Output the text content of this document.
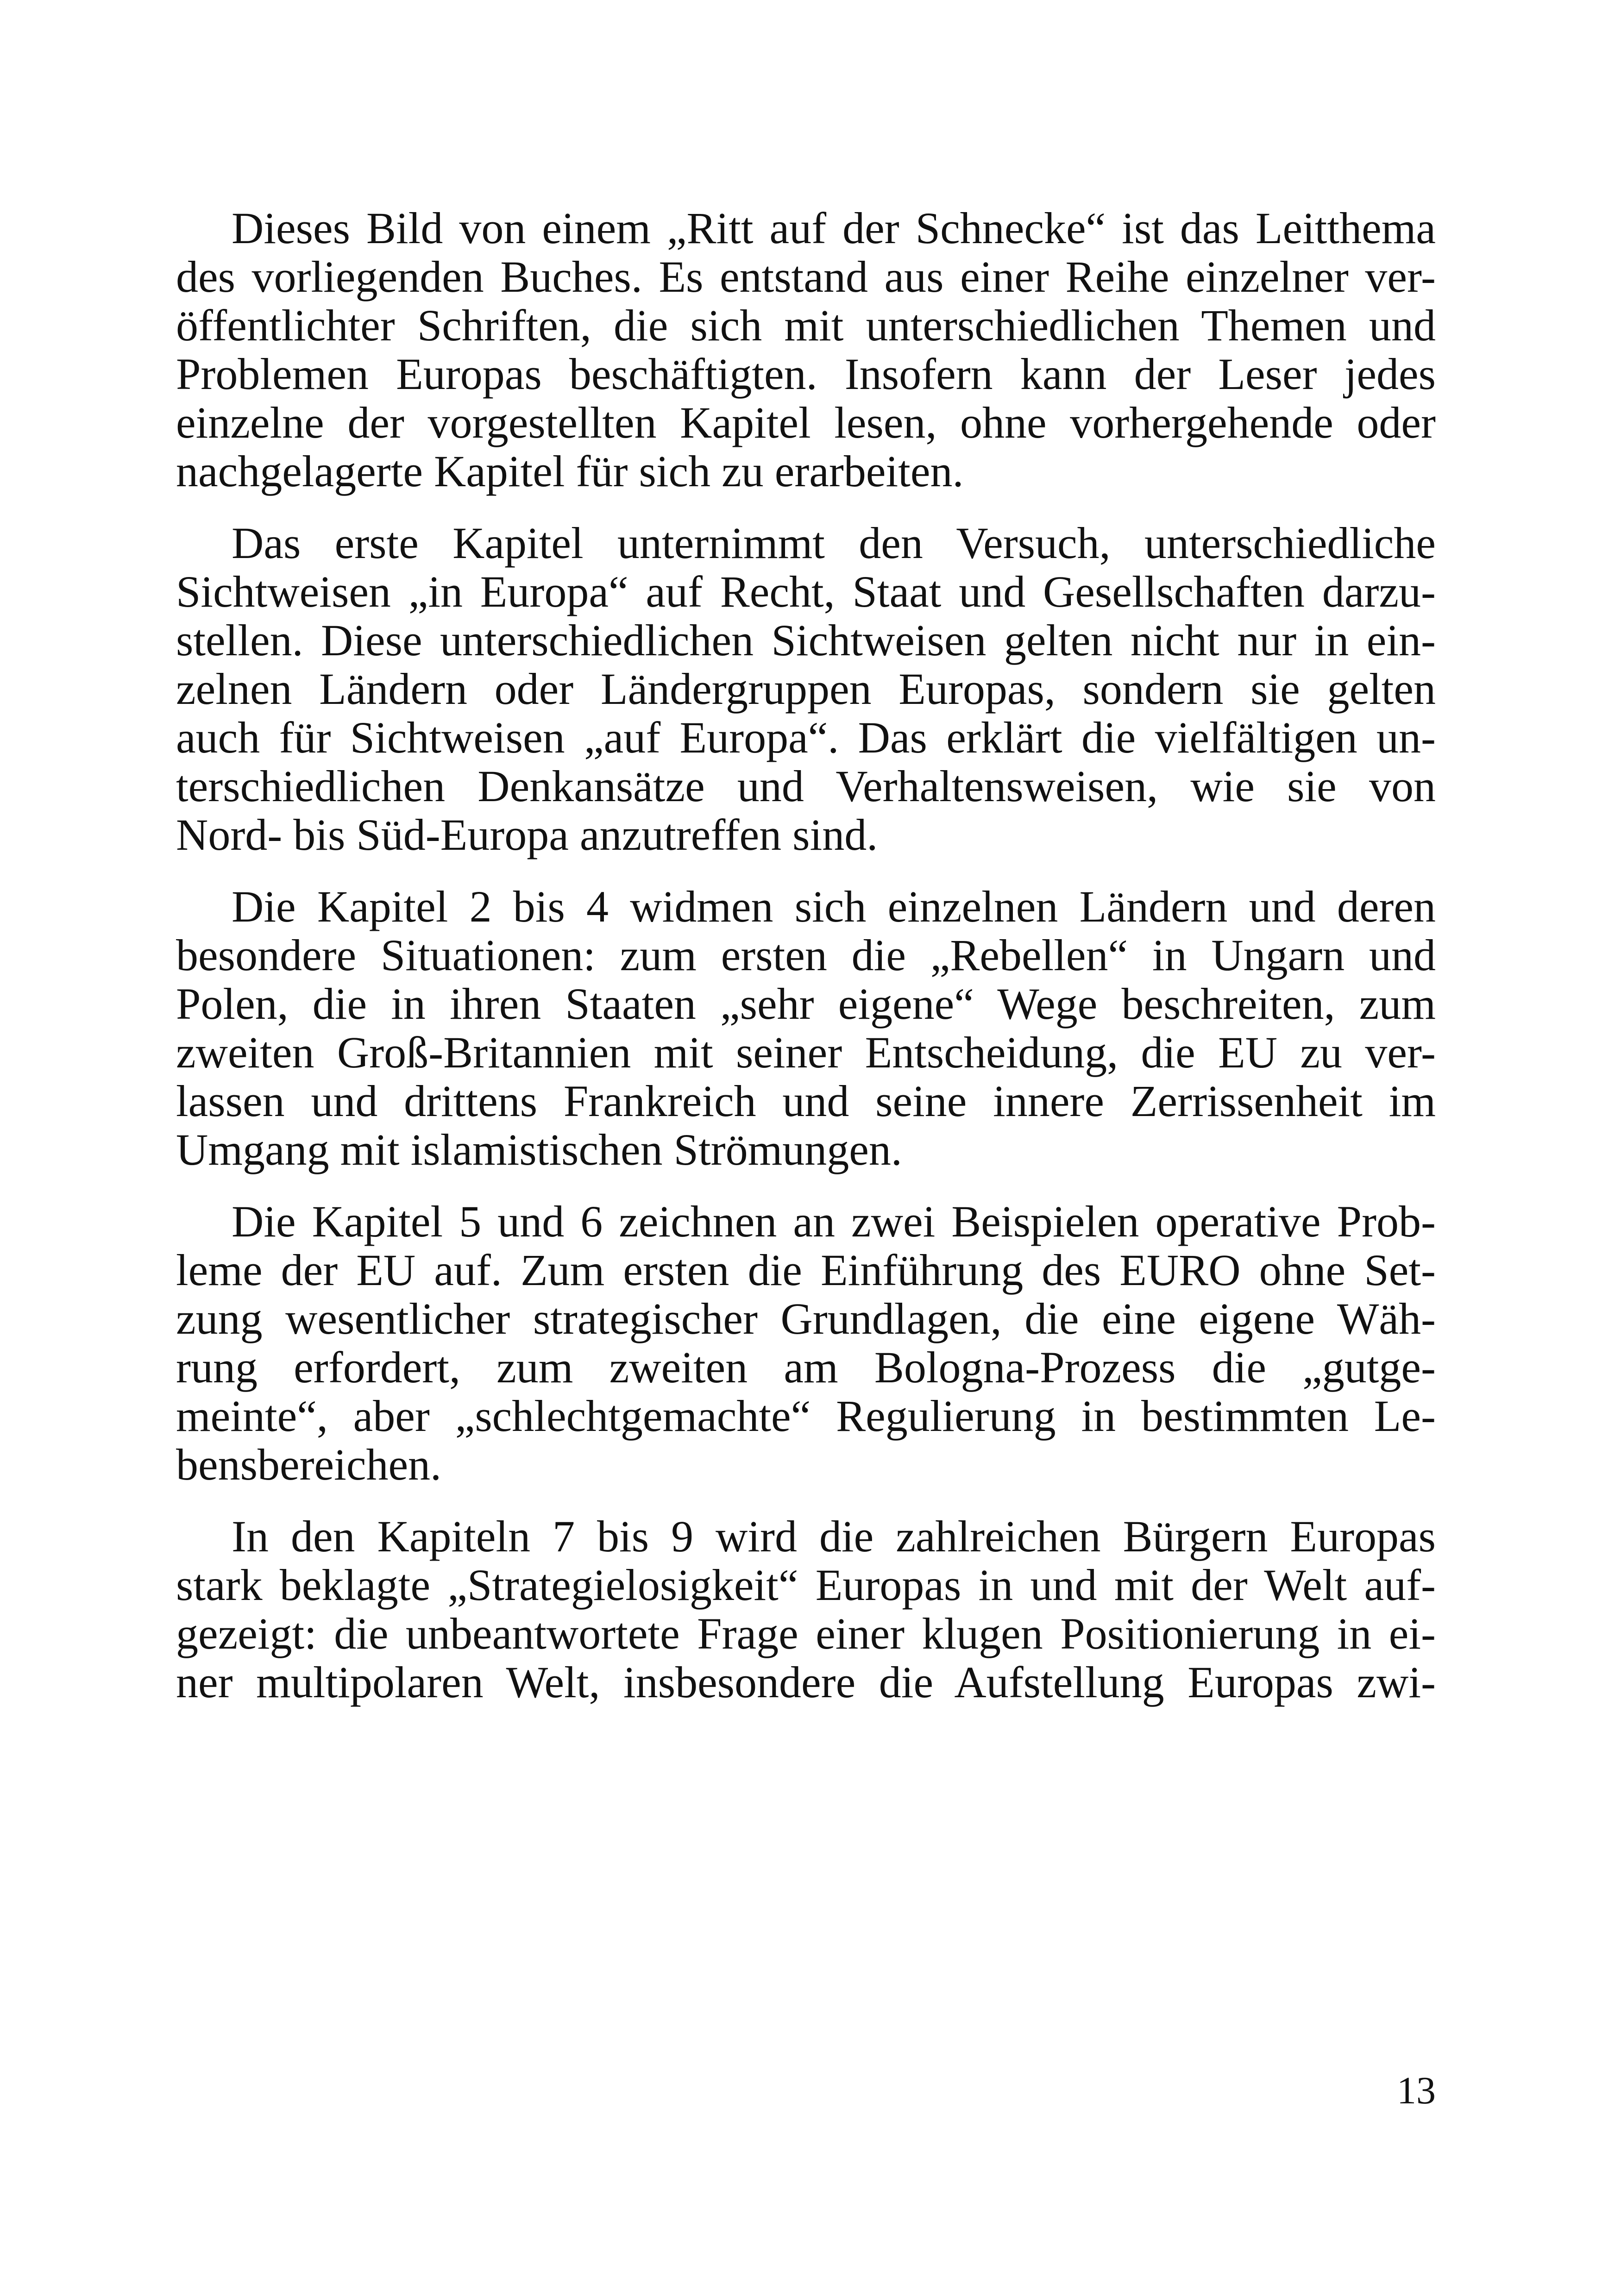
Dieses Bild von einem „Ritt auf der Schnecke“ ist das Leitthema
des vorliegenden Buches. Es entstand aus einer Reihe einzelner ver-
öffentlichter Schriften, die sich mit unterschiedlichen Themen und
Problemen Europas beschäftigten. Insofern kann der Leser jedes
einzelne der vorgestellten Kapitel lesen, ohne vorhergehende oder
nachgelagerte Kapitel für sich zu erarbeiten.
Das erste Kapitel unternimmt den Versuch, unterschiedliche
Sichtweisen „in Europa“ auf Recht, Staat und Gesellschaften darzu-
stellen. Diese unterschiedlichen Sichtweisen gelten nicht nur in ein-
zelnen Ländern oder Ländergruppen Europas, sondern sie gelten
auch für Sichtweisen „auf Europa“. Das erklärt die vielfältigen un-
terschiedlichen Denkansätze und Verhaltensweisen, wie sie von
Nord- bis Süd-Europa anzutreffen sind.
Die Kapitel 2 bis 4 widmen sich einzelnen Ländern und deren
besondere Situationen: zum ersten die „Rebellen“ in Ungarn und
Polen, die in ihren Staaten „sehr eigene“ Wege beschreiten, zum
zweiten Groß-Britannien mit seiner Entscheidung, die EU zu ver-
lassen und drittens Frankreich und seine innere Zerrissenheit im
Umgang mit islamistischen Strömungen.
Die Kapitel 5 und 6 zeichnen an zwei Beispielen operative Prob-
leme der EU auf. Zum ersten die Einführung des EURO ohne Set-
zung wesentlicher strategischer Grundlagen, die eine eigene Wäh-
rung erfordert, zum zweiten am Bologna-Prozess die „gutge-
meinte“, aber „schlechtgemachte“ Regulierung in bestimmten Le-
bensbereichen.
In den Kapiteln 7 bis 9 wird die zahlreichen Bürgern Europas
stark beklagte „Strategielosigkeit“ Europas in und mit der Welt auf-
gezeigt: die unbeantwortete Frage einer klugen Positionierung in ei-
ner multipolaren Welt, insbesondere die Aufstellung Europas zwi-
13
